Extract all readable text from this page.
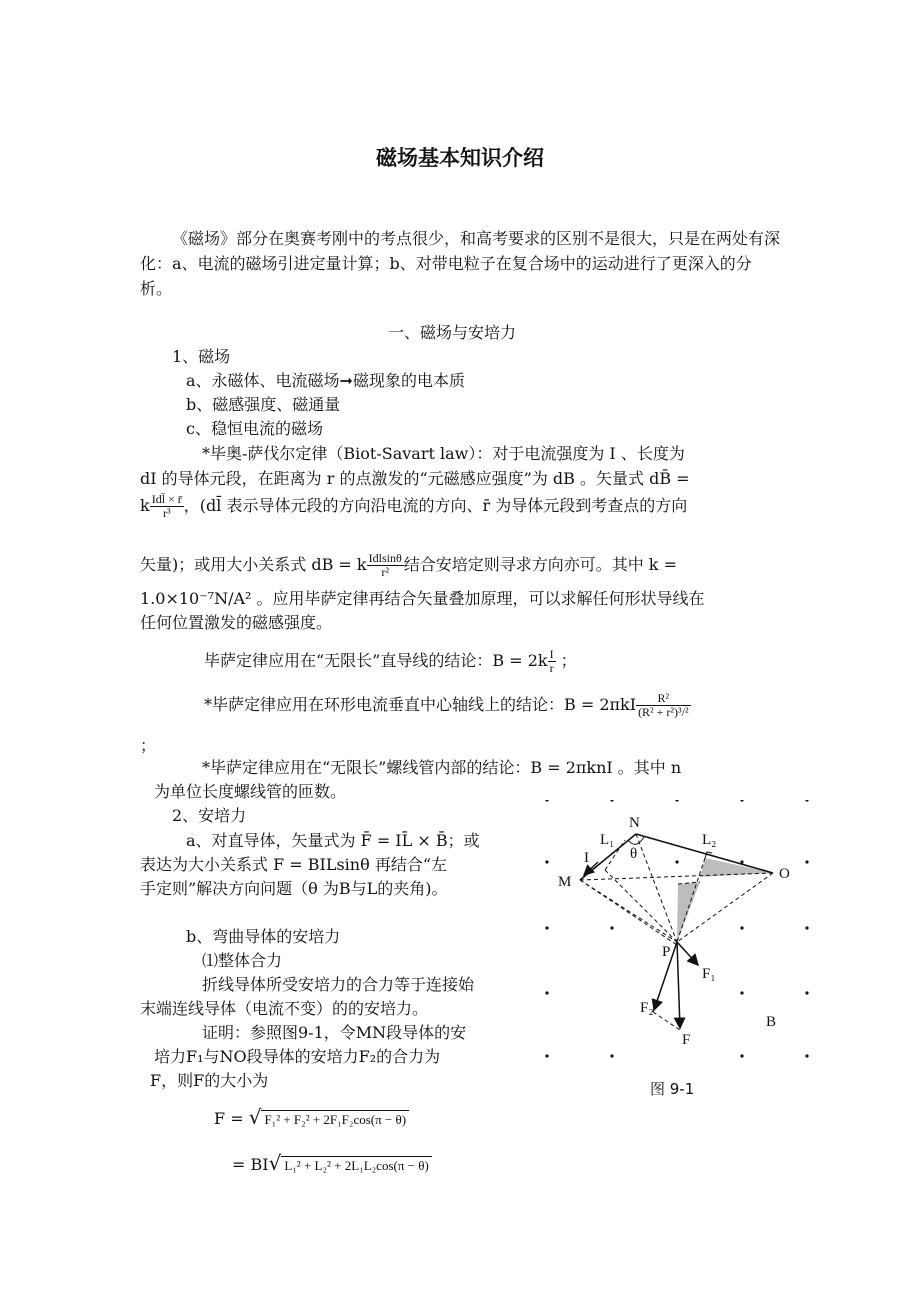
磁场基本知识介绍
《磁场》部分在奥赛考刚中的考点很少，和高考要求的区别不是很大，只是在两处有深化：a、电流的磁场引进定量计算；b、对带电粒子在复合场中的运动进行了更深入的分析。
一、磁场与安培力
1、磁场
a、永磁体、电流磁场➞磁现象的电本质
b、磁感强度、磁通量
c、稳恒电流的磁场
*毕奥-萨伐尔定律（Biot-Savart law）：对于电流强度为 I 、长度为
dI 的导体元段，在距离为 r 的点激发的“元磁感应强度”为 dB 。矢量式 dB̄ =
k $\frac{\text{Idl̄ × r̄}}{\text{r³}}$ ，(dl̄ 表示导体元段的方向沿电流的方向、r̄ 为导体元段到考查点的方向
矢量)；或用大小关系式 dB = k $\frac{\text{Idlsinθ}}{\text{r²}}$ 结合安培定则寻求方向亦可。其中 k =
1.0×10⁻⁷N/A² 。应用毕萨定律再结合矢量叠加原理，可以求解任何形状导线在
任何位置激发的磁感强度。
毕萨定律应用在“无限长”直导线的结论：$B = 2k \frac{I}{r}$ ；
*毕萨定律应用在环形电流垂直中心轴线上的结论：$B = 2\pi kI \frac{\text{R²}}{\text{(R² + r²)³/²}}$
；
*毕萨定律应用在“无限长”螺线管内部的结论：B = 2πknI 。其中 n
为单位长度螺线管的匝数。
2、安培力
a、对直导体，矢量式为 F̄ = IL̄ × B̄；或
表达为大小关系式 F = BILsinθ 再结合“左
手定则”解决方向问题（θ 为B与L的夹角)。
b、弯曲导体的安培力
⑴整体合力
折线导体所受安培力的合力等于连接始
末端连线导体（电流不变）的的安培力。
证明：参照图9-1，令MN段导体的安
培力F₁与NO段导体的安培力F₂的合力为
F，则F的大小为
F = √ F₁² + F₂² + 2F₁F₂cos(π − θ)
= BI√ L₁² + L₂² + 2L₁L₂cos(π − θ)
N
L₁	L₂
θ
I
M	O
P
F₁
F₂
F
B
图 9-1
